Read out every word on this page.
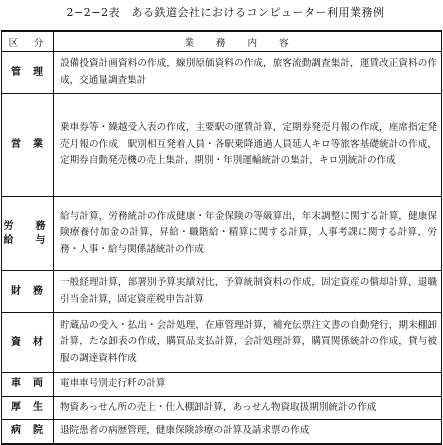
2−2−2表　ある鉄道会社におけるコンピューター利用業務例
区　分	業務内容
管　理	設備投資計画資料の作成，線別原価資料の作成，旅客流動調査集計，運賃改正資料の作成，交通量調査集計
営　業	乗車券等・繰越受入表の作成，主要駅の運賃計算，定期券発売月報の作成，座席指定発売月報の作成　駅別相互発着人員・各駅乗降通過人員延人キロ等旅客基礎統計の作成，定期券自動発売機の売上集計，期別・年別運輸統計の集計，キロ別統計の作成
労　務
給　与	給与計算，労務統計の作成健康・年金保険の等級算出，年末調整に関する計算，健康保険療養付加金の計算，昇給・職階給・精算に関する計算，人事考課に関する計算，労務・人事・給与関係諸統計の作成
財　務	一般経理計算，部署別予算実績対比，予算統制資料の作成，固定資産の償却計算，退職引当金計算，固定資産税申告計算
資　材	貯蔵品の受入・払出・会計処理，在庫管理計算，補充伝票注文書の自動発行，期末棚卸計算，たな卸表の作成，購買品支払計算，会計処理計算，購買関係統計の作成，貸与被服の調達資料作成
車　両	電車車号別走行粁の計算
厚　生	物資あっせん所の売上・仕入棚卸計算，あっせん物資取扱期別統計の作成
病　院	退院患者の病歴管理，健康保険診療の計算及請求票の作成
